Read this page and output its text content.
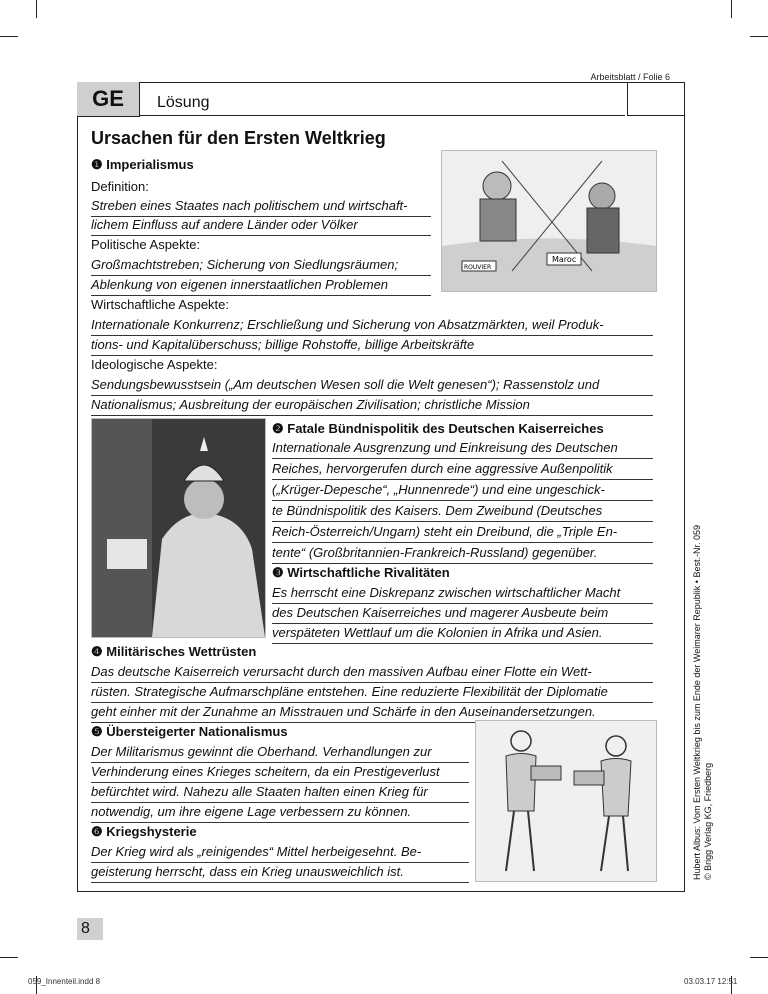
Arbeitsblatt / Folie 6
GE	Lösung
Ursachen für den Ersten Weltkrieg
❶ Imperialismus
Definition:
Streben eines Staates nach politischem und wirtschaft-
lichem Einfluss auf andere Länder oder Völker
Politische Aspekte:
Großmachtstreben; Sicherung von Siedlungsräumen;
Ablenkung von eigenen innerstaatlichen Problemen
Wirtschaftliche Aspekte:
Internationale Konkurrenz; Erschließung und Sicherung von Absatzmärkten, weil Produk-
tions- und Kapitalüberschuss; billige Rohstoffe, billige Arbeitskräfte
Ideologische Aspekte:
Sendungsbewusstsein („Am deutschen Wesen soll die Welt genesen“); Rassenstolz und
Nationalismus; Ausbreitung der europäischen Zivilisation; christliche Mission
ROUVIER
Maroc
❷ Fatale Bündnispolitik des Deutschen Kaiserreiches
Internationale Ausgrenzung und Einkreisung des Deutschen
Reiches, hervorgerufen durch eine aggressive Außenpolitik
(„Krüger-Depesche“, „Hunnenrede“) und eine ungeschick-
te Bündnispolitik des Kaisers. Dem Zweibund (Deutsches
Reich-Österreich/Ungarn) steht ein Dreibund, die „Triple En-
tente“ (Großbritannien-Frankreich-Russland) gegenüber.
❸ Wirtschaftliche Rivalitäten
Es herrscht eine Diskrepanz zwischen wirtschaftlicher Macht
des Deutschen Kaiserreiches und magerer Ausbeute beim
verspäteten Wettlauf um die Kolonien in Afrika und Asien.
❹ Militärisches Wettrüsten
Das deutsche Kaiserreich verursacht durch den massiven Aufbau einer Flotte ein Wett-
rüsten. Strategische Aufmarschpläne entstehen. Eine reduzierte Flexibilität der Diplomatie
geht einher mit der Zunahme an Misstrauen und Schärfe in den Auseinandersetzungen.
❺ Übersteigerter Nationalismus
Der Militarismus gewinnt die Oberhand. Verhandlungen zur
Verhinderung eines Krieges scheitern, da ein Prestigeverlust
befürchtet wird. Nahezu alle Staaten halten einen Krieg für
notwendig, um ihre eigene Lage verbessern zu können.
❻ Kriegshysterie
Der Krieg wird als „reinigendes“ Mittel herbeigesehnt. Be-
geisterung herrscht, dass ein Krieg unausweichlich ist.	Hubert Albus: Vom Ersten Weltkrieg bis zum Ende der Weimarer Republik • Best.-Nr. 059 © Brigg Verlag KG, Friedberg
8
059_Innenteil.indd 8	03.03.17 12:51
